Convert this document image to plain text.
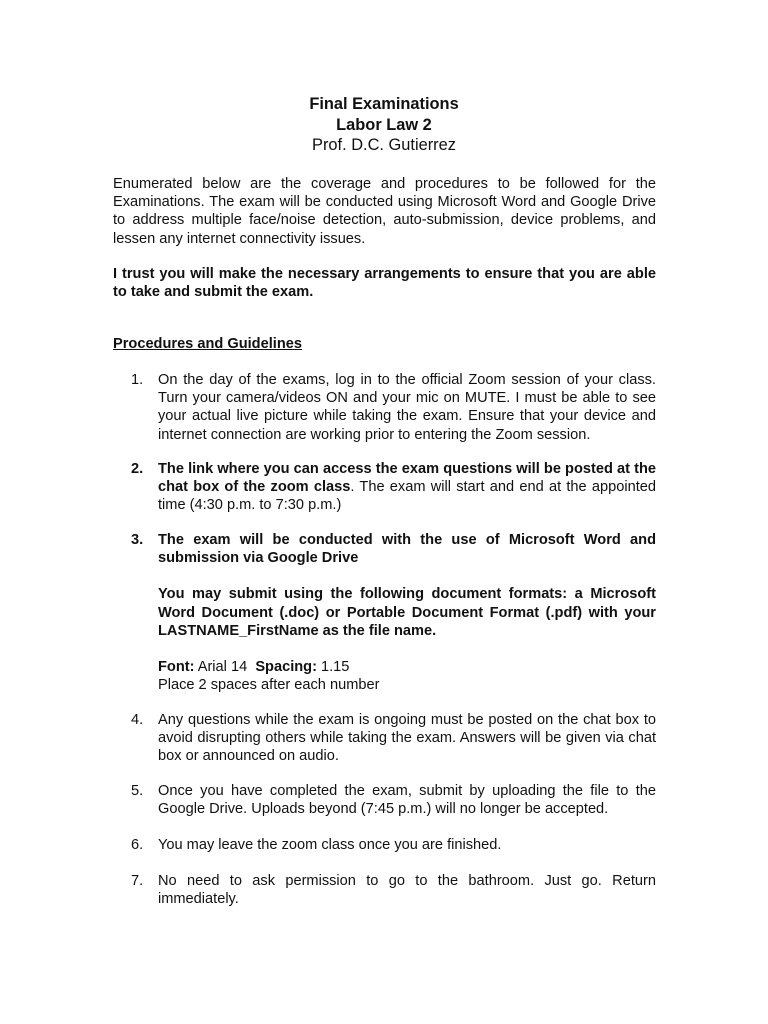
Final Examinations
Labor Law 2
Prof. D.C. Gutierrez

Enumerated below are the coverage and procedures to be followed for the Examinations. The exam will be conducted using Microsoft Word and Google Drive to address multiple face/noise detection, auto-submission, device problems, and lessen any internet connectivity issues.

I trust you will make the necessary arrangements to ensure that you are able to take and submit the exam.

Procedures and Guidelines

1.	On the day of the exams, log in to the official Zoom session of your class. Turn your camera/videos ON and your mic on MUTE. I must be able to see your actual live picture while taking the exam. Ensure that your device and internet connection are working prior to entering the Zoom session.

2.	The link where you can access the exam questions will be posted at the chat box of the zoom class. The exam will start and end at the appointed time (4:30 p.m. to 7:30 p.m.)

3.	The exam will be conducted with the use of Microsoft Word and submission via Google Drive

You may submit using the following document formats: a Microsoft Word Document (.doc) or Portable Document Format (.pdf) with your LASTNAME_FirstName as the file name.

Font: Arial 14  Spacing: 1.15

Place 2 spaces after each number

4.	Any questions while the exam is ongoing must be posted on the chat box to avoid disrupting others while taking the exam. Answers will be given via chat box or announced on audio.

5.	Once you have completed the exam, submit by uploading the file to the Google Drive. Uploads beyond (7:45 p.m.) will no longer be accepted.

6.	You may leave the zoom class once you are finished.

7.	No need to ask permission to go to the bathroom. Just go. Return immediately.
